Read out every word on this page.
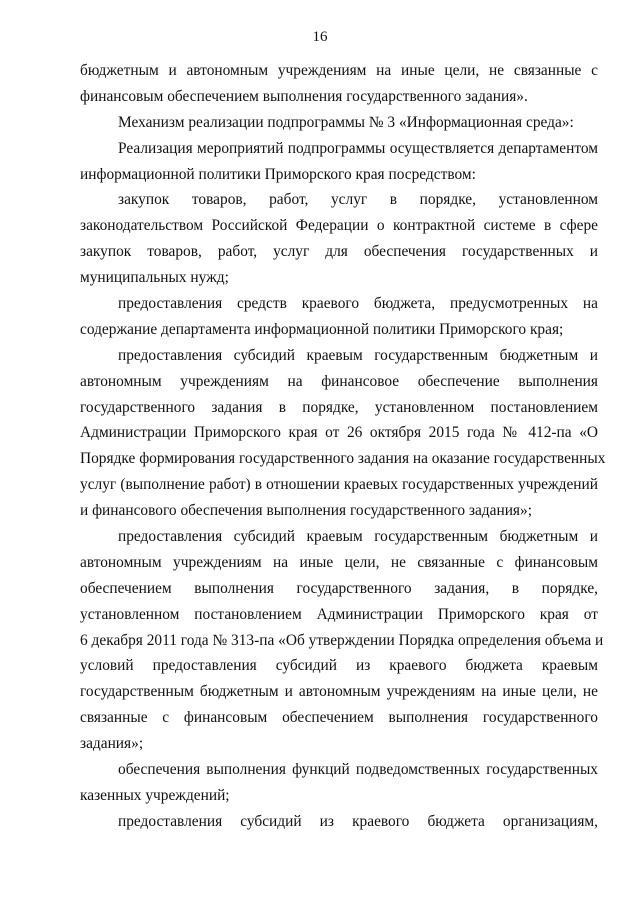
16
бюджетным и автономным учреждениям на иные цели, не связанные с
финансовым обеспечением выполнения государственного задания».
Механизм реализации подпрограммы № 3 «Информационная среда»:
Реализация мероприятий подпрограммы осуществляется департаментом
информационной политики Приморского края посредством:
закупок товаров, работ, услуг в порядке, установленном
законодательством Российской Федерации о контрактной системе в сфере
закупок товаров, работ, услуг для обеспечения государственных и
муниципальных нужд;
предоставления средств краевого бюджета, предусмотренных на
содержание департамента информационной политики Приморского края;
предоставления субсидий краевым государственным бюджетным и
автономным учреждениям на финансовое обеспечение выполнения
государственного задания в порядке, установленном постановлением
Администрации Приморского края от 26 октября 2015 года № 412-па «О
Порядке формирования государственного задания на оказание государственных
услуг (выполнение работ) в отношении краевых государственных учреждений
и финансового обеспечения выполнения государственного задания»;
предоставления субсидий краевым государственным бюджетным и
автономным учреждениям на иные цели, не связанные с финансовым
обеспечением выполнения государственного задания, в порядке,
установленном постановлением Администрации Приморского края от
6 декабря 2011 года № 313-па «Об утверждении Порядка определения объема и
условий предоставления субсидий из краевого бюджета краевым
государственным бюджетным и автономным учреждениям на иные цели, не
связанные с финансовым обеспечением выполнения государственного
задания»;
обеспечения выполнения функций подведомственных государственных
казенных учреждений;
предоставления субсидий из краевого бюджета организациям,
